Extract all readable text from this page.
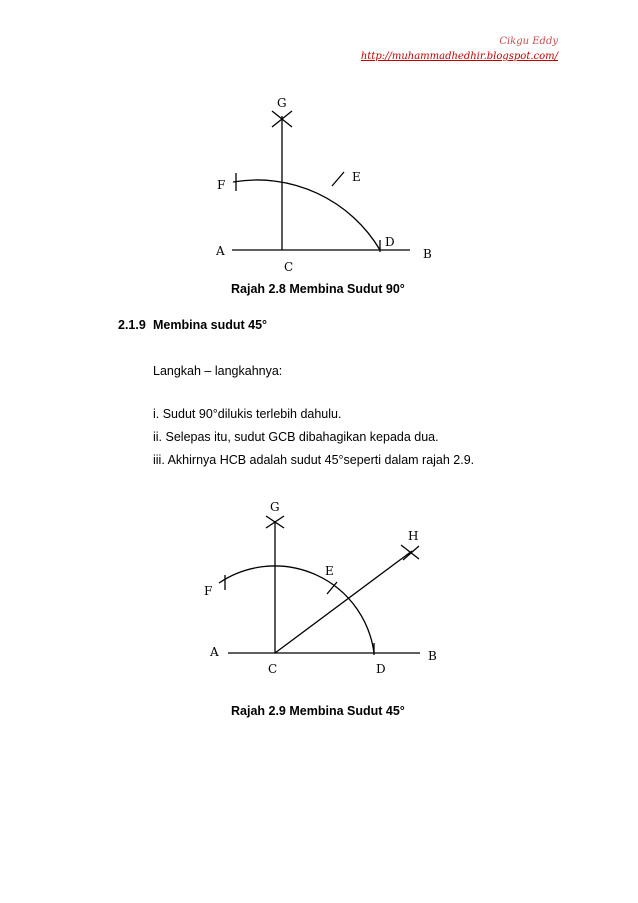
Cikgu Eddy
http://muhammadhedhir.blogspot.com/
G
F
E
A
C
D
B
Rajah 2.8 Membina Sudut 90°
2.1.9 Membina sudut 45°
Langkah – langkahnya:
i. Sudut 90°dilukis terlebih dahulu.
ii. Selepas itu, sudut GCB dibahagikan kepada dua.
iii. Akhirnya HCB adalah sudut 45°seperti dalam rajah 2.9.
G
H
F
E
A
C	D
B
Rajah 2.9 Membina Sudut 45°
